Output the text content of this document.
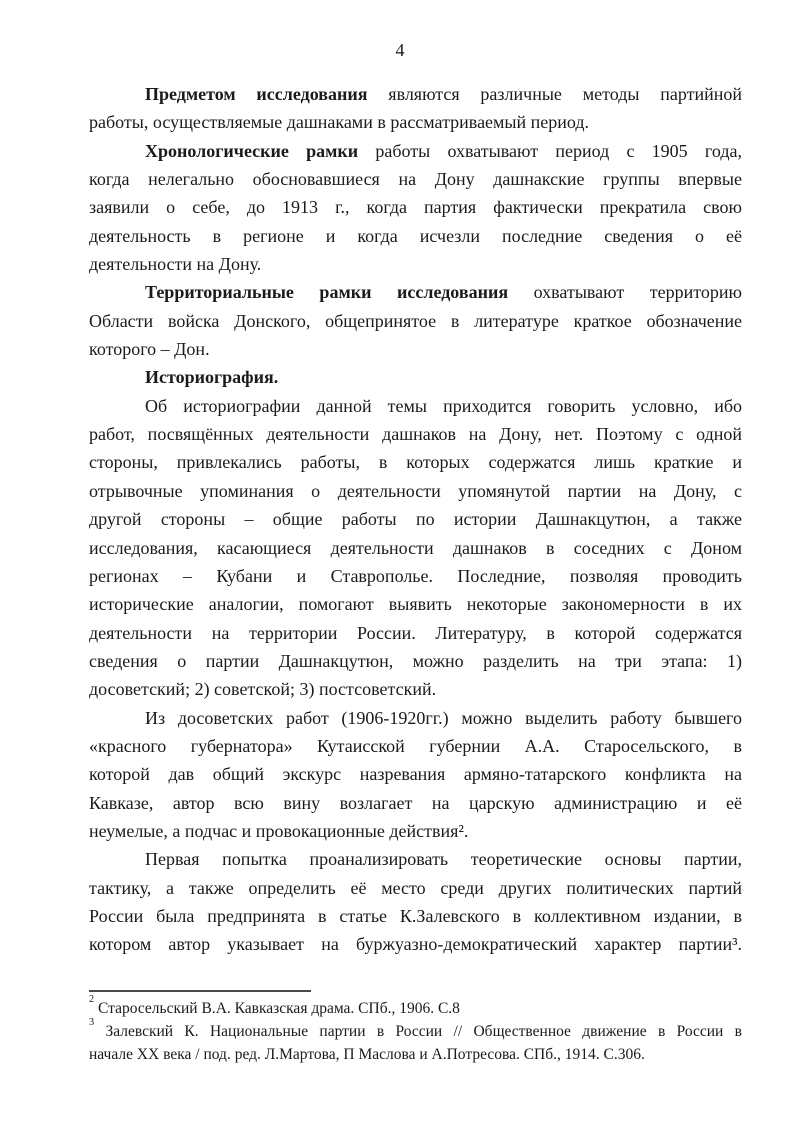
4
Предметом исследования являются различные методы партийной
работы, осуществляемые дашнаками в рассматриваемый период.
Хронологические рамки работы охватывают период с 1905 года,
когда нелегально обосновавшиеся на Дону дашнакские группы впервые
заявили о себе, до 1913 г., когда партия фактически прекратила свою
деятельность в регионе и когда исчезли последние сведения о её
деятельности на Дону.
Территориальные рамки исследования охватывают территорию
Области войска Донского, общепринятое в литературе краткое обозначение
которого – Дон.
Историография.
Об историографии данной темы приходится говорить условно, ибо
работ, посвящённых деятельности дашнаков на Дону, нет. Поэтому с одной
стороны, привлекались работы, в которых содержатся лишь краткие и
отрывочные упоминания о деятельности упомянутой партии на Дону, с
другой стороны – общие работы по истории Дашнакцутюн, а также
исследования, касающиеся деятельности дашнаков в соседних с Доном
регионах – Кубани и Ставрополье. Последние, позволяя проводить
исторические аналогии, помогают выявить некоторые закономерности в их
деятельности на территории России. Литературу, в которой содержатся
сведения о партии Дашнакцутюн, можно разделить на три этапа: 1)
досоветский; 2) советской; 3) постсоветский.
Из досоветских работ (1906-1920гг.) можно выделить работу бывшего
«красного губернатора» Кутаисской губернии А.А. Старосельского, в
которой дав общий экскурс назревания армяно-татарского конфликта на
Кавказе, автор всю вину возлагает на царскую администрацию и её
неумелые, а подчас и провокационные действия².
Первая попытка проанализировать теоретические основы партии,
тактику, а также определить её место среди других политических партий
России была предпринята в статье К.Залевского в коллективном издании, в
котором автор указывает на буржуазно-демократический характер партии³.
$^2$ Старосельский В.А. Кавказская драма. СПб., 1906. С.8
$^3$ Залевский К. Национальные партии в России // Общественное движение в России в
начале XX века / под. ред. Л.Мартова, П Маслова и А.Потресова. СПб., 1914. С.306.
